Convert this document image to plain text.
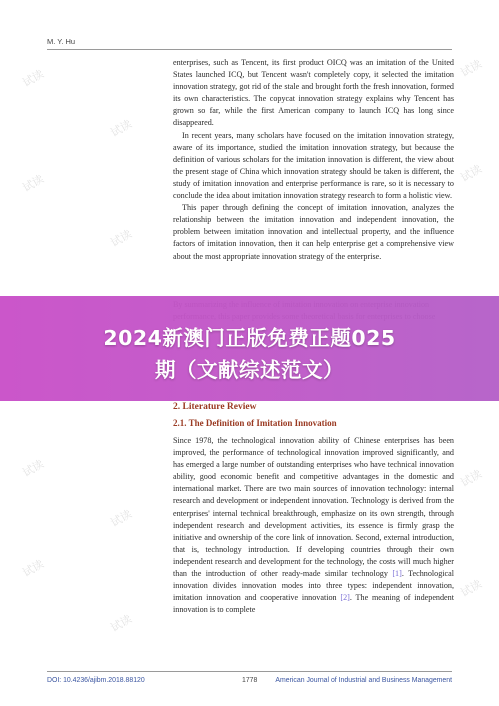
M. Y. Hu

enterprises, such as Tencent, its first product OICQ was an imitation of the United States launched ICQ, but Tencent wasn't completely copy, it selected the imitation innovation strategy, got rid of the stale and brought forth the fresh innovation, formed its own characteristics. The copycat innovation strategy explains why Tencent has grown so far, while the first American company to launch ICQ has long since disappeared.

In recent years, many scholars have focused on the imitation innovation strategy, aware of its importance, studied the imitation innovation strategy, but because the definition of various scholars for the imitation innovation is different, the view about the present stage of China which innovation strategy should be taken is different, the study of imitation innovation and enterprise performance is rare, so it is necessary to conclude the idea about imitation innovation strategy research to form a holistic view.

This paper through defining the concept of imitation innovation, analyzes the relationship between the imitation innovation and independent innovation, the problem between imitation innovation and intellectual property, and the influence factors of imitation innovation, then it can help enterprise get a comprehensive view about the most appropriate innovation strategy of the enterprise.

2024新澳门正版免费正题025
期（文献综述范文）
2. Literature Review
2.1. The Definition of Imitation Innovation

Since 1978, the technological innovation ability of Chinese enterprises has been improved, the performance of technological innovation improved significantly, and has emerged a large number of outstanding enterprises who have technical innovation ability, good economic benefit and competitive advantages in the domestic and international market. There are two main sources of innovation technology: internal research and development or independent innovation. Technology is derived from the enterprises' internal technical breakthrough, emphasize on its own strength, through independent research and development activities, its essence is firmly grasp the initiative and ownership of the core link of innovation. Second, external introduction, that is, technology introduction. If developing countries through their own independent research and development for the technology, the costs will much higher than the introduction of other ready-made similar technology [1]. Technological innovation divides innovation modes into three types: independent innovation, imitation innovation and cooperative innovation [2]. The meaning of independent innovation is to complete

DOI: 10.4236/ajibm.2018.88120	1778	American Journal of Industrial and Business Management
试读
试读
试读
试读
试读
试读
试读
试读
试读
试读
试读
试读
